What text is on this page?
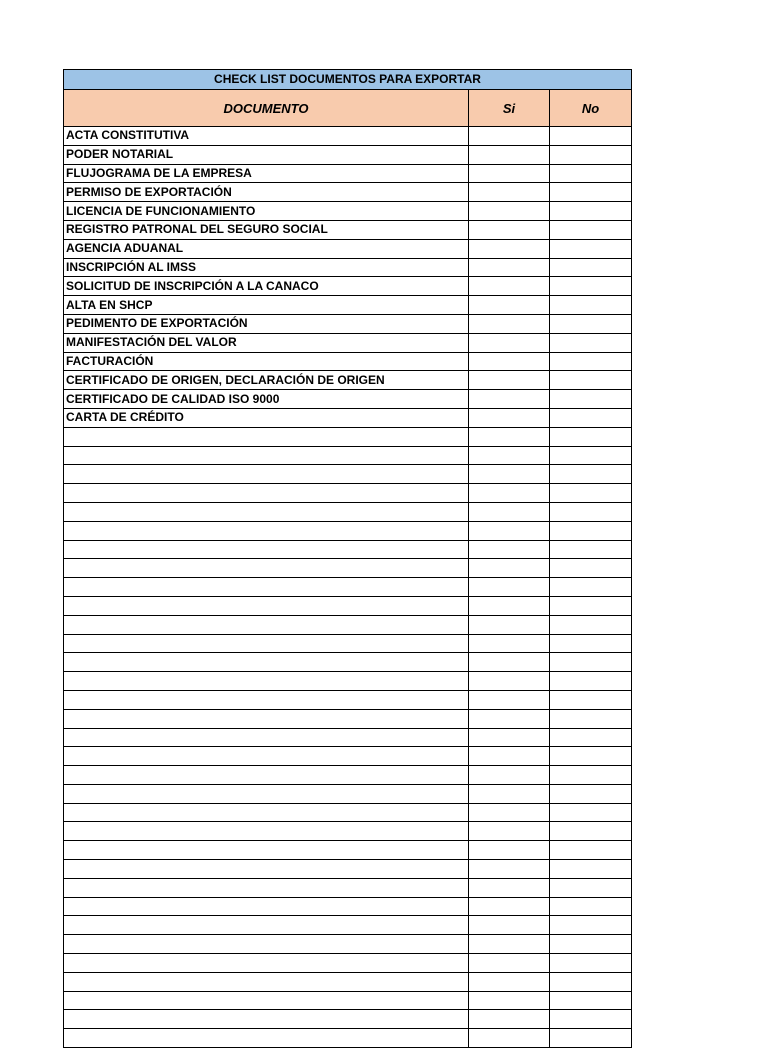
CHECK LIST DOCUMENTOS PARA EXPORTAR		
DOCUMENTO	Si	No
ACTA CONSTITUTIVA		
PODER NOTARIAL		
FLUJOGRAMA DE LA EMPRESA		
PERMISO DE EXPORTACIÓN		
LICENCIA DE FUNCIONAMIENTO		
REGISTRO PATRONAL DEL SEGURO SOCIAL		
AGENCIA ADUANAL		
INSCRIPCIÓN AL IMSS		
SOLICITUD DE INSCRIPCIÓN A LA CANACO		
ALTA EN SHCP		
PEDIMENTO DE EXPORTACIÓN		
MANIFESTACIÓN DEL VALOR		
FACTURACIÓN		
CERTIFICADO DE ORIGEN, DECLARACIÓN DE ORIGEN		
CERTIFICADO DE CALIDAD ISO 9000		
CARTA DE CRÉDITO		
